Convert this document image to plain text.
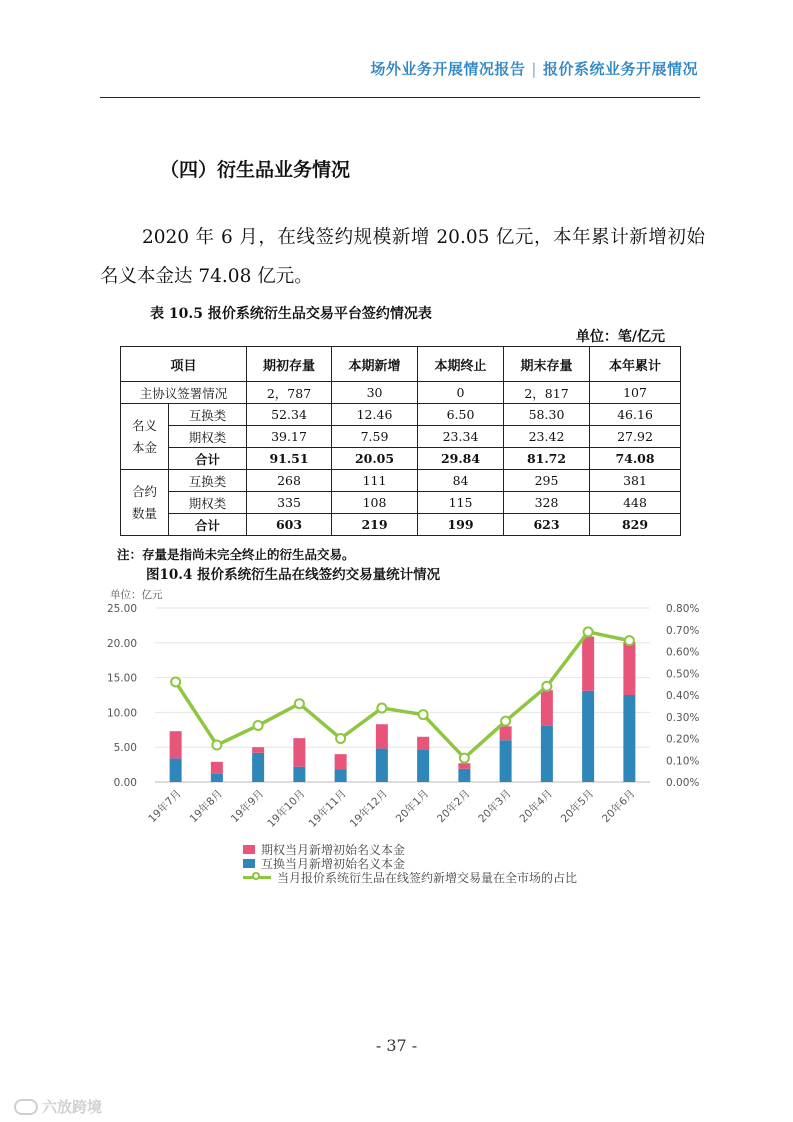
场外业务开展情况报告 | 报价系统业务开展情况
（四）衍生品业务情况
2020 年 6 月，在线签约规模新增 20.05 亿元，本年累计新增初始名义本金达 74.08 亿元。
表 10.5 报价系统衍生品交易平台签约情况表
单位：笔/亿元
项目		期初存量	本期新增	本期终止	期末存量	本年累计
主协议签署情况		2，787	30	0	2，817	107
名义本金	互换类	52.34	12.46	6.50	58.30	46.16
	期权类	39.17	7.59	23.34	23.42	27.92
	合计	91.51	20.05	29.84	81.72	74.08
合约数量	互换类	268	111	84	295	381
	期权类	335	108	115	328	448
	合计	603	219	199	623	829
注：存量是指尚未完全终止的衍生品交易。
图10.4 报价系统衍生品在线签约交易量统计情况
单位：亿元
0.00
5.00
10.00
15.00
20.00
25.00
0.00%
0.10%
0.20%
0.30%
0.40%
0.50%
0.60%
0.70%
0.80%
19年7月 19年8月 19年9月 19年10月 19年11月 19年12月 20年1月 20年2月 20年3月 20年4月 20年5月 20年6月
期权当月新增初始名义本金
互换当月新增初始名义本金
当月报价系统衍生品在线签约新增交易量在全市场的占比
- 37 -
六放跨境
